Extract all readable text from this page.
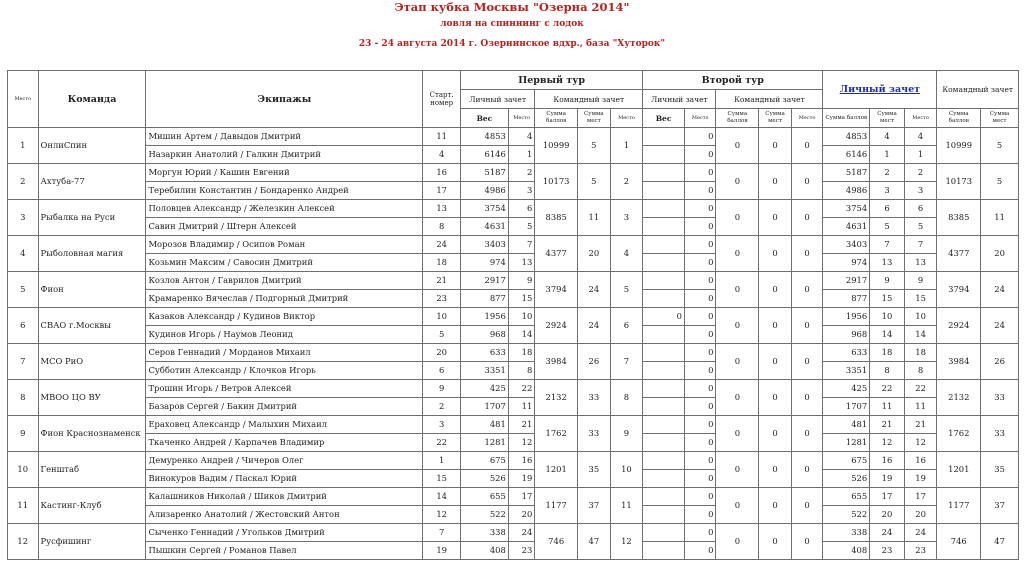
Этап кубка Москвы "Озерна 2014"
ловля на спиннинг с лодок
23 - 24 августа 2014 г. Озернинское вдхр., база "Хуторок"
Место	Команда	Экипажы	Старт. номер	Первый тур					Второй тур					Личный зачет			Командный зачет	
				Личный зачет		Командный зачет			Личный зачет		Командный зачет							
				Вес	Место	Сумма баллов	Сумма мест	Место	Вес	Место	Сумма баллов	Сумма мест	Место	Сумма баллов	Сумма мест	Место	Сумма баллов	Сумма мест
1	ОнлиСпин	Мишин Артем / Давыдов Дмитрий	11	4853	4	10999	5	1		0	0	0	0	4853	4	4	10999	5
		Назаркин Анатолий / Галкин Дмитрий	4	6146	1					0				6146	1	1		
2	Ахтуба-77	Моргун Юрий / Кашин Евгений	16	5187	2	10173	5	2		0	0	0	0	5187	2	2	10173	5
		Теребилин Константин / Бондаренко Андрей	17	4986	3					0				4986	3	3		
3	Рыбалка на Руси	Половцев Александр / Железкин Алексей	13	3754	6	8385	11	3		0	0	0	0	3754	6	6	8385	11
		Савин Дмитрий / Штерн Алексей	8	4631	5					0				4631	5	5		
4	Рыболовная магия	Морозов Владимир / Осипов Роман	24	3403	7	4377	20	4		0	0	0	0	3403	7	7	4377	20
		Козьмин Максим / Савосин Дмитрий	18	974	13					0				974	13	13		
5	Фион	Козлов Антон / Гаврилов Дмитрий	21	2917	9	3794	24	5		0	0	0	0	2917	9	9	3794	24
		Крамаренко Вячеслав / Подгорный Дмитрий	23	877	15					0				877	15	15		
6	СВАО г.Москвы	Казаков Александр / Кудинов Виктор	10	1956	10	2924	24	6	0	0	0	0	0	1956	10	10	2924	24
		Кудинов Игорь / Наумов Леонид	5	968	14					0				968	14	14		
7	МСО РиО	Серов Геннадий / Морданов Михаил	20	633	18	3984	26	7		0	0	0	0	633	18	18	3984	26
		Субботин Александр / Клочков Игорь	6	3351	8					0				3351	8	8		
8	МВОО ЦО ВУ	Трошин Игорь / Ветров Алексей	9	425	22	2132	33	8		0	0	0	0	425	22	22	2132	33
		Базаров Сергей / Бакин Дмитрий	2	1707	11					0				1707	11	11		
9	Фион Краснознаменск	Ераховец Александр / Малыхин Михаил	3	481	21	1762	33	9		0	0	0	0	481	21	21	1762	33
		Ткаченко Андрей / Карпачев Владимир	22	1281	12					0				1281	12	12		
10	Генштаб	Демуренко Андрей / Чичеров Олег	1	675	16	1201	35	10		0	0	0	0	675	16	16	1201	35
		Винокуров Вадим / Паскал Юрий	15	526	19					0				526	19	19		
11	Кастинг-Клуб	Калашников Николай / Шиков Дмитрий	14	655	17	1177	37	11		0	0	0	0	655	17	17	1177	37
		Ализаренко Анатолий / Жестовский Антон	12	522	20					0				522	20	20		
12	Русфишинг	Сыченко Геннадий / Угольков Дмитрий	7	338	24	746	47	12		0	0	0	0	338	24	24	746	47
		Пышкин Сергей / Романов Павел	19	408	23					0				408	23	23		
